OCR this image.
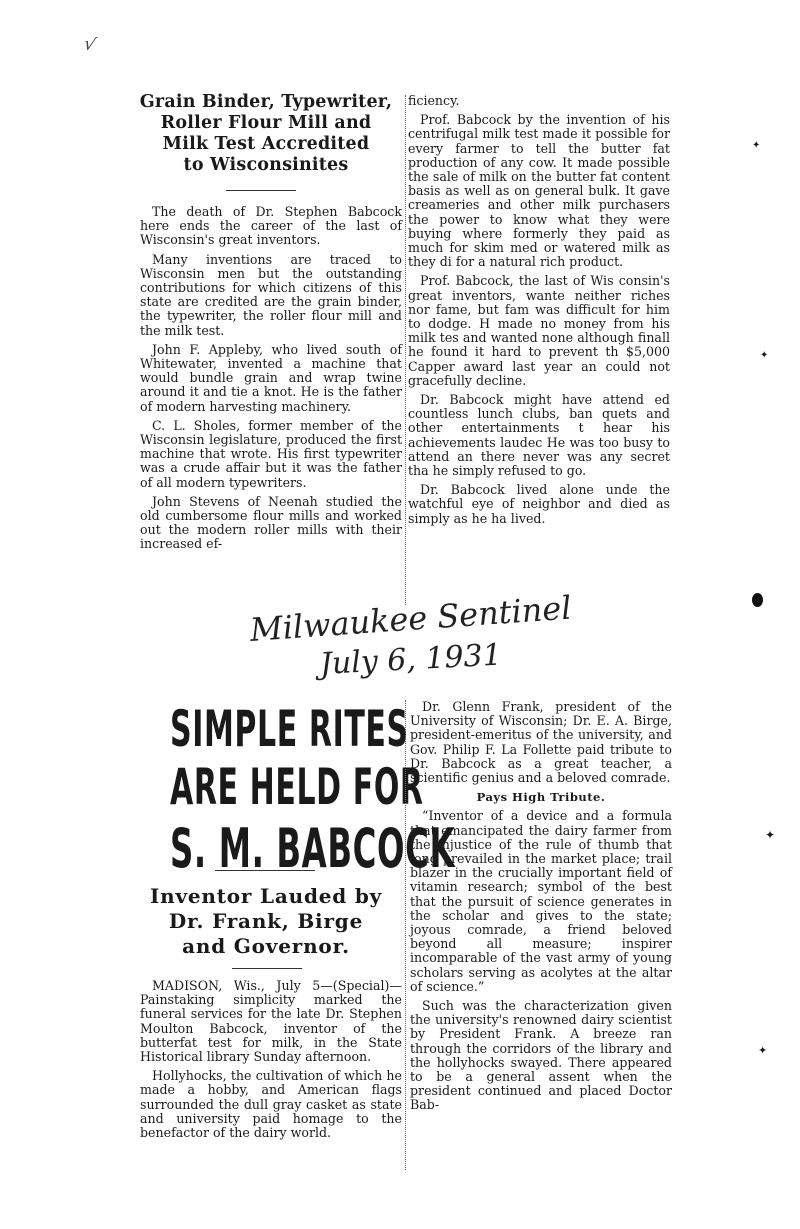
√
Grain Binder, Typewriter,
Roller Flour Mill and
Milk Test Accredited
to Wisconsinites

The death of Dr. Stephen Babcock here ends the career of the last of Wisconsin's great inventors.

Many inventions are traced to Wisconsin men but the outstanding contributions for which citizens of this state are credited are the grain binder, the typewriter, the roller flour mill and the milk test.

John F. Appleby, who lived south of Whitewater, invented a machine that would bundle grain and wrap twine around it and tie a knot. He is the father of modern harvesting machinery.

C. L. Sholes, former member of the Wisconsin legislature, produced the first machine that wrote. His first typewriter was a crude affair but it was the father of all modern typewriters.

John Stevens of Neenah studied the old cumbersome flour mills and worked out the modern roller mills with their increased ef-

ficiency.

Prof. Babcock by the invention of his centrifugal milk test made it possible for every farmer to tell the butter fat production of any cow. It made possible the sale of milk on the butter fat content basis as well as on general bulk. It gave creameries and other milk purchasers the power to know what they were buying where formerly they paid as much for skim med or watered milk as they di for a natural rich product.

Prof. Babcock, the last of Wis consin's great inventors, wante neither riches nor fame, but fam was difficult for him to dodge. H made no money from his milk tes and wanted none although finall he found it hard to prevent th $5,000 Capper award last year an could not gracefully decline.

Dr. Babcock might have attend ed countless lunch clubs, ban quets and other entertainments t hear his achievements laudec He was too busy to attend an there never was any secret tha he simply refused to go.

Dr. Babcock lived alone unde the watchful eye of neighbor and died as simply as he ha lived.

Milwaukee Sentinel
July 6, 1931
✦
✦
✦
✦
SIMPLE RITES
ARE HELD FOR
S. M. BABCOCK
Inventor Lauded by
Dr. Frank, Birge
and Governor.

MADISON, Wis., July 5—(Special)—Painstaking simplicity marked the funeral services for the late Dr. Stephen Moulton Babcock, inventor of the butterfat test for milk, in the State Historical library Sunday afternoon.

Hollyhocks, the cultivation of which he made a hobby, and American flags surrounded the dull gray casket as state and university paid homage to the benefactor of the dairy world.

Dr. Glenn Frank, president of the University of Wisconsin; Dr. E. A. Birge, president-emeritus of the university, and Gov. Philip F. La Follette paid tribute to Dr. Babcock as a great teacher, a scientific genius and a beloved comrade.

Pays High Tribute.

“Inventor of a device and a formula that emancipated the dairy farmer from the injustice of the rule of thumb that long prevailed in the market place; trail blazer in the crucially important field of vitamin research; symbol of the best that the pursuit of science generates in the scholar and gives to the state; joyous comrade, a friend beloved beyond all measure; inspirer incomparable of the vast army of young scholars serving as acolytes at the altar of science.”

Such was the characterization given the university's renowned dairy scientist by President Frank. A breeze ran through the corridors of the library and the hollyhocks swayed. There appeared to be a general assent when the president continued and placed Doctor Bab-
